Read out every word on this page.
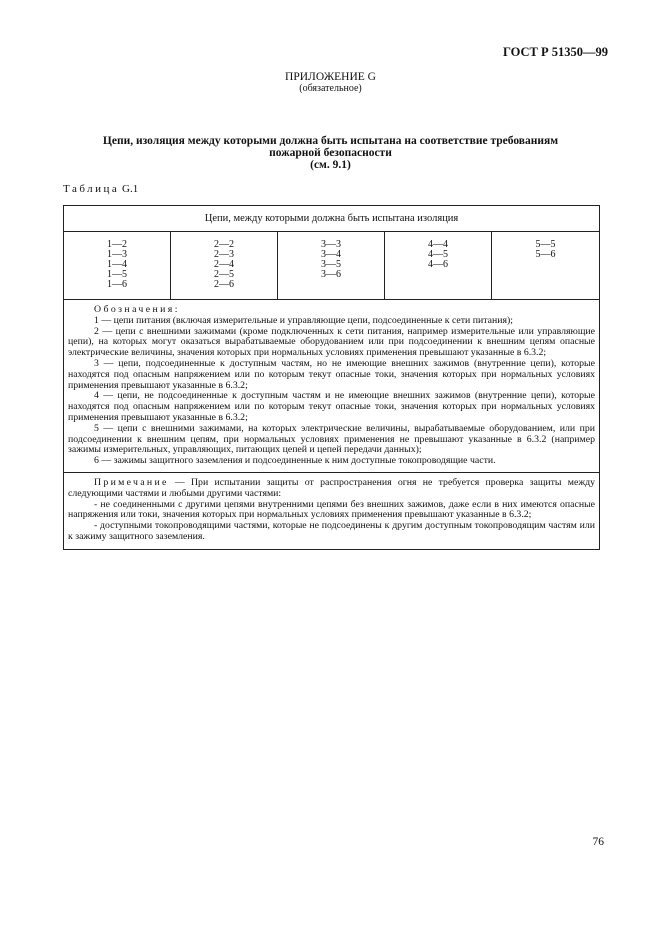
ГОСТ Р 51350—99
ПРИЛОЖЕНИЕ G
(обязательное)
Цепи, изоляция между которыми должна быть испытана на соответствие требованиям
пожарной безопасности
(см. 9.1)
Таблица G.1
Цепи, между которыми должна быть испытана изоляция
1—2
1—3
1—4
1—5
1—6
2—2
2—3
2—4
2—5
2—6
3—3
3—4
3—5
3—6
4—4
4—5
4—6
5—5
5—6

Обозначения:

1 — цепи питания (включая измерительные и управляющие цепи, подсоединенные к сети питания);

2 — цепи с внешними зажимами (кроме подключенных к сети питания, например измерительные или управляющие цепи), на которых могут оказаться вырабатываемые оборудованием или при подсоединении к внешним цепям опасные электрические величины, значения которых при нормальных условиях применения превышают указанные в 6.3.2;

3 — цепи, подсоединенные к доступным частям, но не имеющие внешних зажимов (внутренние цепи), которые находятся под опасным напряжением или по которым текут опасные токи, значения которых при нормальных условиях применения превышают указанные в 6.3.2;

4 — цепи, не подсоединенные к доступным частям и не имеющие внешних зажимов (внутренние цепи), которые находятся под опасным напряжением или по которым текут опасные токи, значения которых при нормальных условиях применения превышают указанные в 6.3.2;

5 — цепи с внешними зажимами, на которых электрические величины, вырабатываемые оборудованием, или при подсоединении к внешним цепям, при нормальных условиях применения не превышают указанные в 6.3.2 (например зажимы измерительных, управляющих, питающих цепей и цепей передачи данных);

6 — зажимы защитного заземления и подсоединенные к ним доступные токопроводящие части.

Примечание — При испытании защиты от распространения огня не требуется проверка защиты между следующими частями и любыми другими частями:

- не соединенными с другими цепями внутренними цепями без внешних зажимов, даже если в них имеются опасные напряжения или токи, значения которых при нормальных условиях применения превышают указанные в 6.3.2;

- доступными токопроводящими частями, которые не подсоединены к другим доступным токопроводящим частям или к зажиму защитного заземления.

76
